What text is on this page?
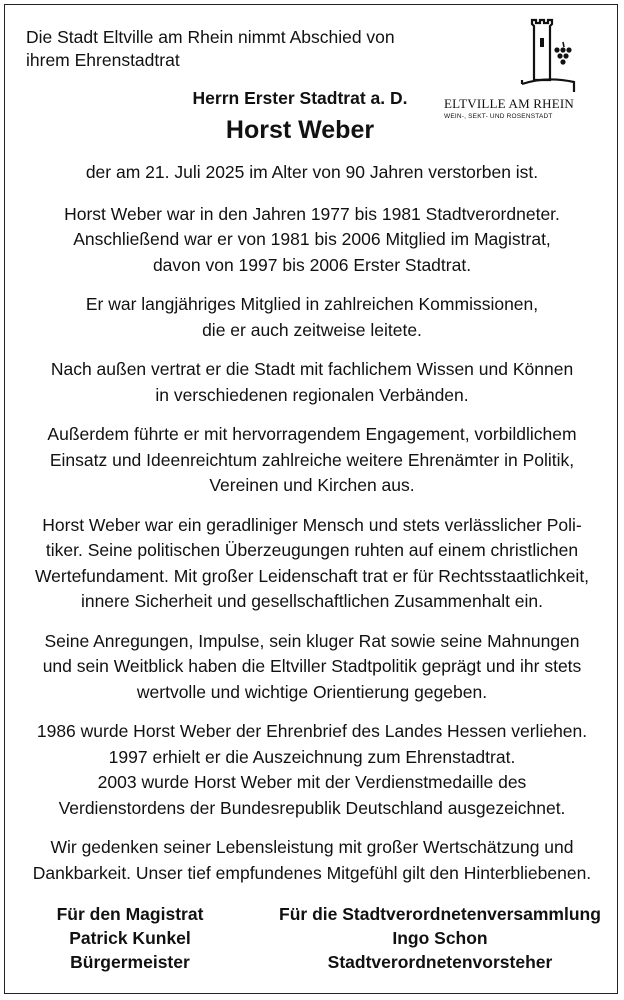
Die Stadt Eltville am Rhein nimmt Abschied von
ihrem Ehrenstadtrat
ELTVILLE AM RHEIN
WEIN-, SEKT- UND ROSENSTADT
Herrn Erster Stadtrat a. D.
Horst Weber

der am 21. Juli 2025 im Alter von 90 Jahren verstorben ist.

Horst Weber war in den Jahren 1977 bis 1981 Stadtverordneter.
Anschließend war er von 1981 bis 2006 Mitglied im Magistrat,
davon von 1997 bis 2006 Erster Stadtrat.

Er war langjähriges Mitglied in zahlreichen Kommissionen,
die er auch zeitweise leitete.

Nach außen vertrat er die Stadt mit fachlichem Wissen und Können
in verschiedenen regionalen Verbänden.

Außerdem führte er mit hervorragendem Engagement, vorbildlichem
Einsatz und Ideenreichtum zahlreiche weitere Ehrenämter in Politik,
Vereinen und Kirchen aus.

Horst Weber war ein geradliniger Mensch und stets verlässlicher Poli-
tiker. Seine politischen Überzeugungen ruhten auf einem christlichen
Wertefundament. Mit großer Leidenschaft trat er für Rechtsstaatlichkeit,
innere Sicherheit und gesellschaftlichen Zusammenhalt ein.

Seine Anregungen, Impulse, sein kluger Rat sowie seine Mahnungen
und sein Weitblick haben die Eltviller Stadtpolitik geprägt und ihr stets
wertvolle und wichtige Orientierung gegeben.

1986 wurde Horst Weber der Ehrenbrief des Landes Hessen verliehen.
1997 erhielt er die Auszeichnung zum Ehrenstadtrat.
2003 wurde Horst Weber mit der Verdienstmedaille des
Verdienstordens der Bundesrepublik Deutschland ausgezeichnet.

Wir gedenken seiner Lebensleistung mit großer Wertschätzung und
Dankbarkeit. Unser tief empfundenes Mitgefühl gilt den Hinterbliebenen.

Für den Magistrat
Patrick Kunkel
Bürgermeister
Für die Stadtverordnetenversammlung
Ingo Schon
Stadtverordnetenvorsteher
